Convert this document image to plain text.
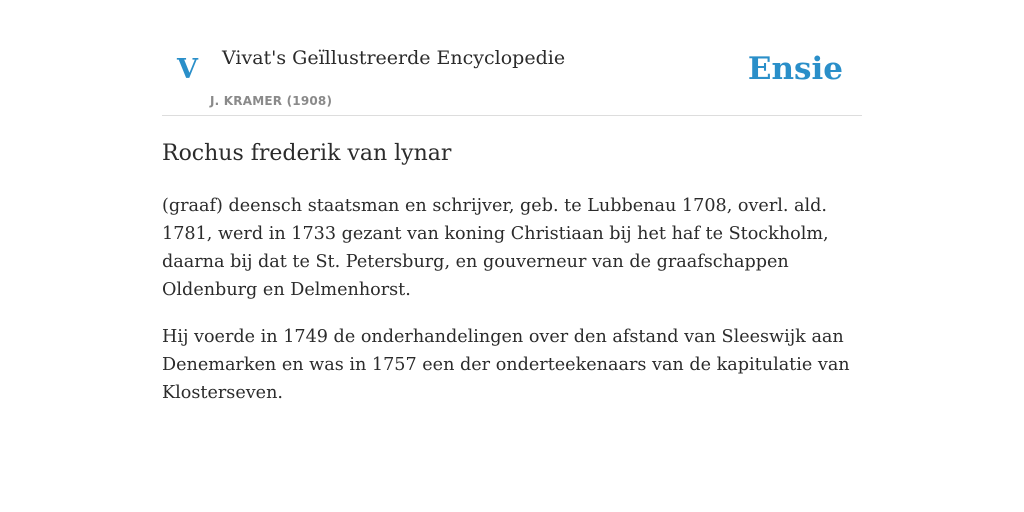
V Vivat's Geïllustreerde Encyclopedie
J. KRAMER (1908)
Ensie
Rochus frederik van lynar

(graaf) deensch staatsman en schrijver, geb. te Lubbenau 1708, overl. ald. 1781, werd in 1733 gezant van koning Christiaan bij het haf te Stockholm, daarna bij dat te St. Petersburg, en gouverneur van de graafschappen Oldenburg en Delmenhorst.

Hij voerde in 1749 de onderhandelingen over den afstand van Sleeswijk aan Denemarken en was in 1757 een der onderteekenaars van de kapitulatie van Klosterseven.
